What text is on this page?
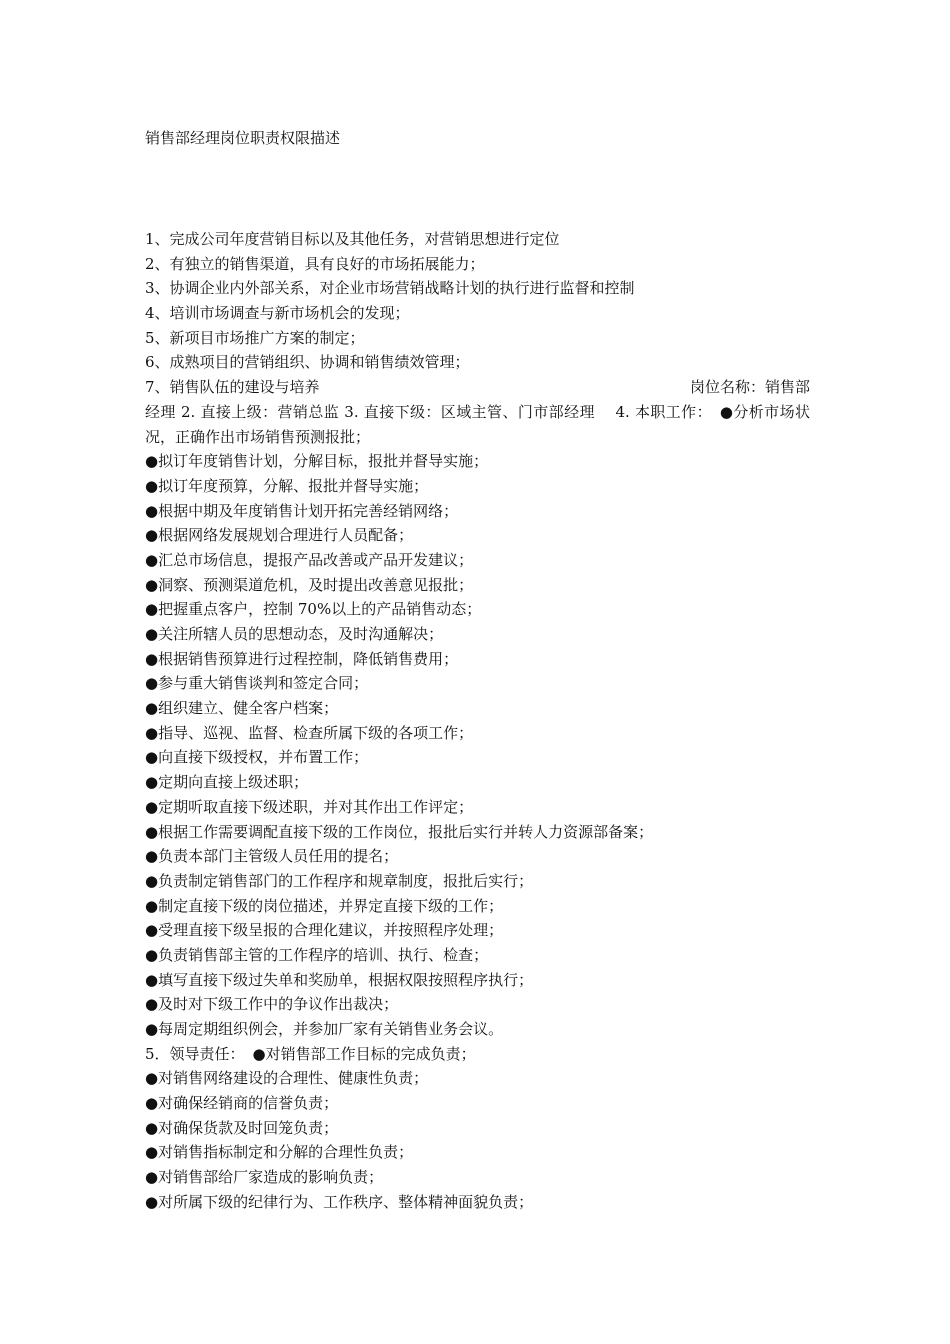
销售部经理岗位职责权限描述
1、完成公司年度营销目标以及其他任务，对营销思想进行定位
2、有独立的销售渠道，具有良好的市场拓展能力；
3、协调企业内外部关系，对企业市场营销战略计划的执行进行监督和控制
4、培训市场调查与新市场机会的发现；
5、新项目市场推广方案的制定；
6、成熟项目的营销组织、协调和销售绩效管理；
7、销售队伍的建设与培养	岗位名称：销售部
经理 2. 直接上级：营销总监 3. 直接下级：区域主管、门市部经理　 4. 本职工作：　●分析市场状况，正确作出市场销售预测报批；
●拟订年度销售计划，分解目标，报批并督导实施；
●拟订年度预算，分解、报批并督导实施；
●根据中期及年度销售计划开拓完善经销网络；
●根据网络发展规划合理进行人员配备；
●汇总市场信息，提报产品改善或产品开发建议；
●洞察、预测渠道危机，及时提出改善意见报批；
●把握重点客户，控制 70%以上的产品销售动态；
●关注所辖人员的思想动态，及时沟通解决；
●根据销售预算进行过程控制，降低销售费用；
●参与重大销售谈判和签定合同；
●组织建立、健全客户档案；
●指导、巡视、监督、检查所属下级的各项工作；
●向直接下级授权，并布置工作；
●定期向直接上级述职；
●定期听取直接下级述职，并对其作出工作评定；
●根据工作需要调配直接下级的工作岗位，报批后实行并转人力资源部备案；
●负责本部门主管级人员任用的提名；
●负责制定销售部门的工作程序和规章制度，报批后实行；
●制定直接下级的岗位描述，并界定直接下级的工作；
●受理直接下级呈报的合理化建议，并按照程序处理；
●负责销售部主管的工作程序的培训、执行、检查；
●填写直接下级过失单和奖励单，根据权限按照程序执行；
●及时对下级工作中的争议作出裁决；
●每周定期组织例会，并参加厂家有关销售业务会议。
5．领导责任： ●对销售部工作目标的完成负责；
●对销售网络建设的合理性、健康性负责；
●对确保经销商的信誉负责；
●对确保货款及时回笼负责；
●对销售指标制定和分解的合理性负责；
●对销售部给厂家造成的影响负责；
●对所属下级的纪律行为、工作秩序、整体精神面貌负责；
